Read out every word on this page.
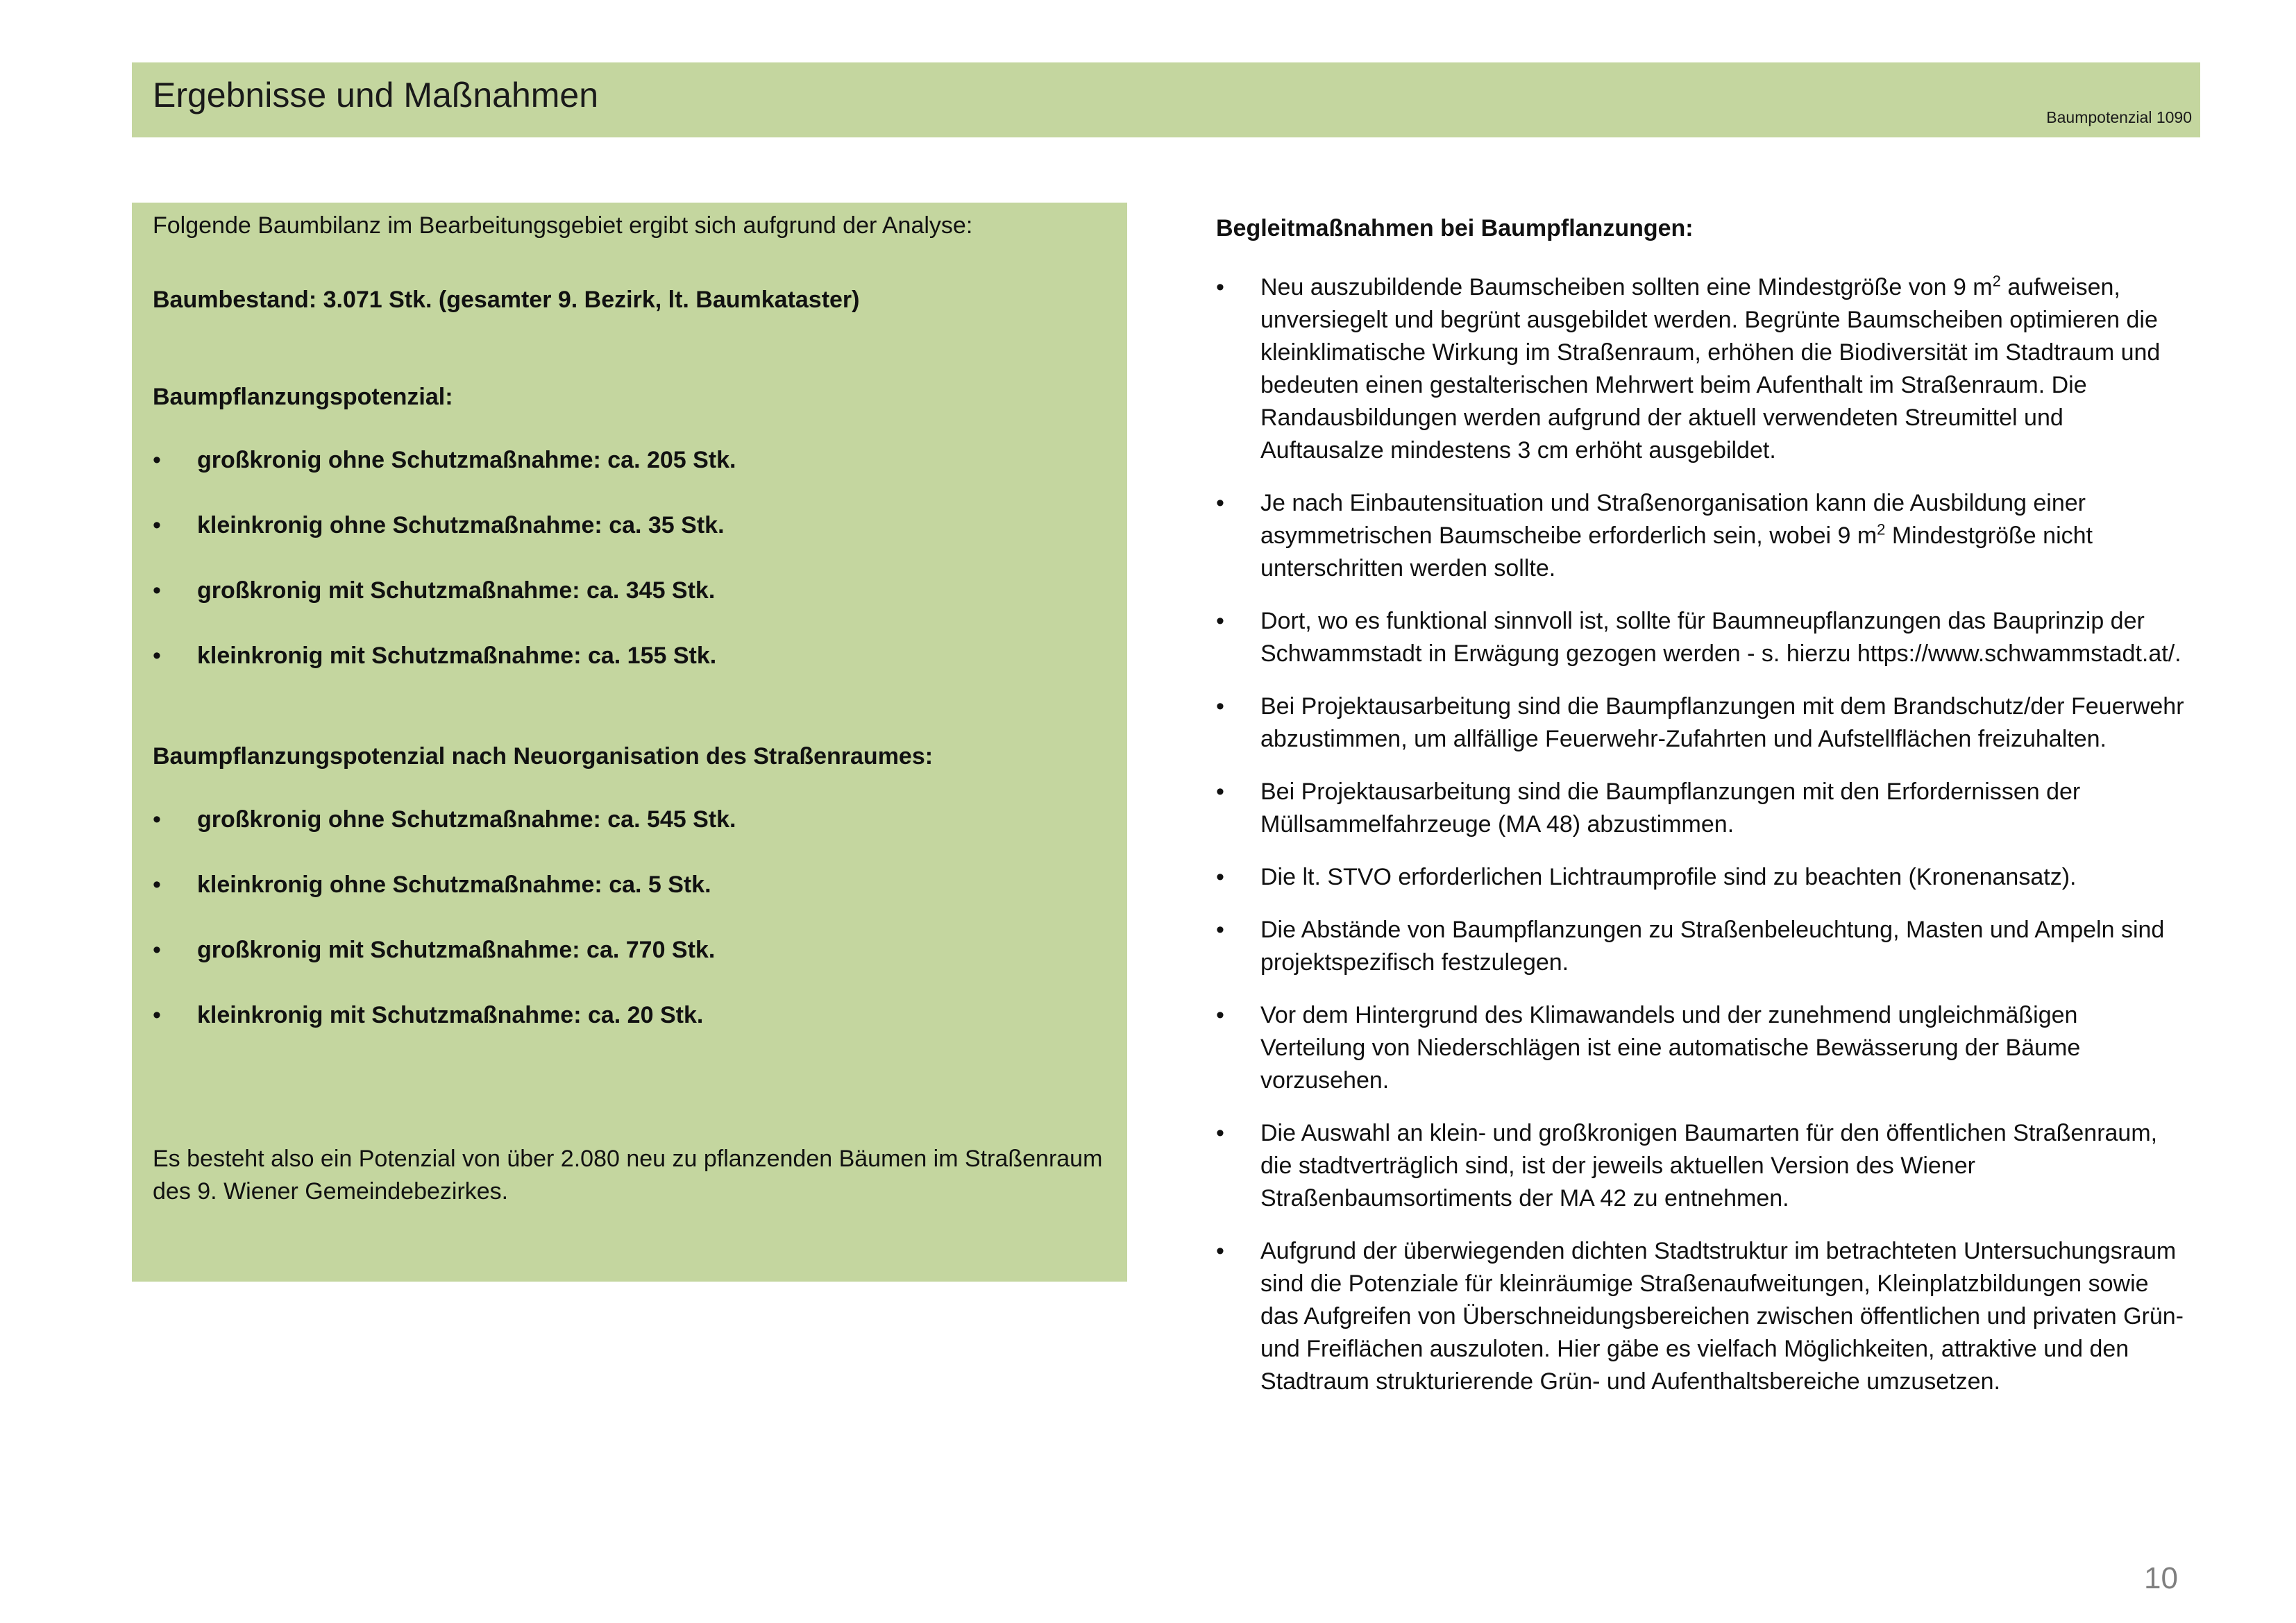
Ergebnisse und Maßnahmen
Baumpotenzial 1090
Folgende Baumbilanz im Bearbeitungsgebiet ergibt sich aufgrund der Analyse:
Baumbestand: 3.071 Stk. (gesamter 9. Bezirk, lt. Baumkataster)
Baumpflanzungspotenzial:
• großkronig ohne Schutzmaßnahme: ca. 205 Stk.
• kleinkronig ohne Schutzmaßnahme: ca. 35 Stk.
• großkronig mit Schutzmaßnahme: ca. 345 Stk.
• kleinkronig mit Schutzmaßnahme: ca. 155 Stk.
Baumpflanzungspotenzial nach Neuorganisation des Straßenraumes:
• großkronig ohne Schutzmaßnahme: ca. 545 Stk.
• kleinkronig ohne Schutzmaßnahme: ca. 5 Stk.
• großkronig mit Schutzmaßnahme: ca. 770 Stk.
• kleinkronig mit Schutzmaßnahme: ca. 20 Stk.
Es besteht also ein Potenzial von über 2.080 neu zu pflanzenden Bäumen im Straßenraum des 9. Wiener Gemeindebezirkes.
Begleitmaßnahmen bei Baumpflanzungen:
• Neu auszubildende Baumscheiben sollten eine Mindestgröße von 9 $m^2$ aufweisen, unversiegelt und begrünt ausgebildet werden. Begrünte Baumscheiben optimieren die kleinklimatische Wirkung im Straßenraum, erhöhen die Biodiversität im Stadtraum und bedeuten einen gestalterischen Mehrwert beim Aufenthalt im Straßenraum. Die Randausbildungen werden aufgrund der aktuell verwendeten Streumittel und Auftausalze mindestens 3 cm erhöht ausgebildet.
• Je nach Einbautensituation und Straßenorganisation kann die Ausbildung einer asymmetrischen Baumscheibe erforderlich sein, wobei 9 $m^2$ Mindestgröße nicht unterschritten werden sollte.
• Dort, wo es funktional sinnvoll ist, sollte für Baumneupflanzungen das Bauprinzip der Schwammstadt in Erwägung gezogen werden - s. hierzu https://www.schwammstadt.at/.
• Bei Projektausarbeitung sind die Baumpflanzungen mit dem Brandschutz/der Feuerwehr abzustimmen, um allfällige Feuerwehr-Zufahrten und Aufstellflächen freizuhalten.
• Bei Projektausarbeitung sind die Baumpflanzungen mit den Erfordernissen der Müllsammelfahrzeuge (MA 48) abzustimmen.
• Die lt. STVO erforderlichen Lichtraumprofile sind zu beachten (Kronenansatz).
• Die Abstände von Baumpflanzungen zu Straßenbeleuchtung, Masten und Ampeln sind projektspezifisch festzulegen.
• Vor dem Hintergrund des Klimawandels und der zunehmend ungleichmäßigen Verteilung von Niederschlägen ist eine automatische Bewässerung der Bäume vorzusehen.
• Die Auswahl an klein- und großkronigen Baumarten für den öffentlichen Straßenraum, die stadtverträglich sind, ist der jeweils aktuellen Version des Wiener Straßenbaumsortiments der MA 42 zu entnehmen.
• Aufgrund der überwiegenden dichten Stadtstruktur im betrachteten Untersuchungsraum sind die Potenziale für kleinräumige Straßenaufweitungen, Kleinplatzbildungen sowie das Aufgreifen von Überschneidungsbereichen zwischen öffentlichen und privaten Grün- und Freiflächen auszuloten. Hier gäbe es vielfach Möglichkeiten, attraktive und den Stadtraum strukturierende Grün- und Aufenthaltsbereiche umzusetzen.
10
